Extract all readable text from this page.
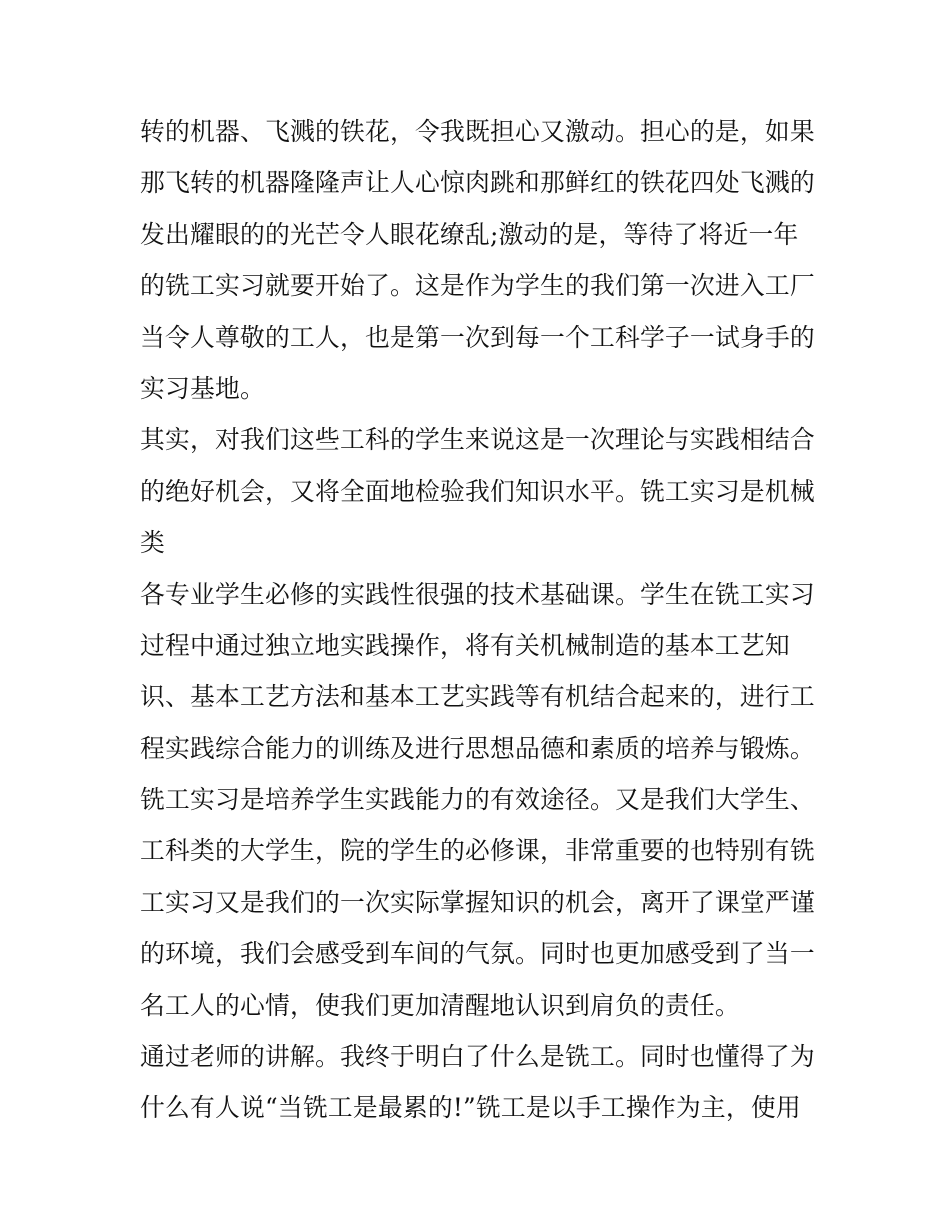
转的机器、飞溅的铁花，令我既担心又激动。担心的是，如果
那飞转的机器隆隆声让人心惊肉跳和那鲜红的铁花四处飞溅的
发出耀眼的的光芒令人眼花缭乱;激动的是，等待了将近一年
的铣工实习就要开始了。这是作为学生的我们第一次进入工厂
当令人尊敬的工人，也是第一次到每一个工科学子一试身手的
实习基地。
其实，对我们这些工科的学生来说这是一次理论与实践相结合
的绝好机会，又将全面地检验我们知识水平。铣工实习是机械
类
各专业学生必修的实践性很强的技术基础课。学生在铣工实习
过程中通过独立地实践操作，将有关机械制造的基本工艺知
识、基本工艺方法和基本工艺实践等有机结合起来的，进行工
程实践综合能力的训练及进行思想品德和素质的培养与锻炼。
铣工实习是培养学生实践能力的有效途径。又是我们大学生、
工科类的大学生，院的学生的必修课，非常重要的也特别有铣
工实习又是我们的一次实际掌握知识的机会，离开了课堂严谨
的环境，我们会感受到车间的气氛。同时也更加感受到了当一
名工人的心情，使我们更加清醒地认识到肩负的责任。
通过老师的讲解。我终于明白了什么是铣工。同时也懂得了为
什么有人说“当铣工是最累的!”铣工是以手工操作为主，使用
